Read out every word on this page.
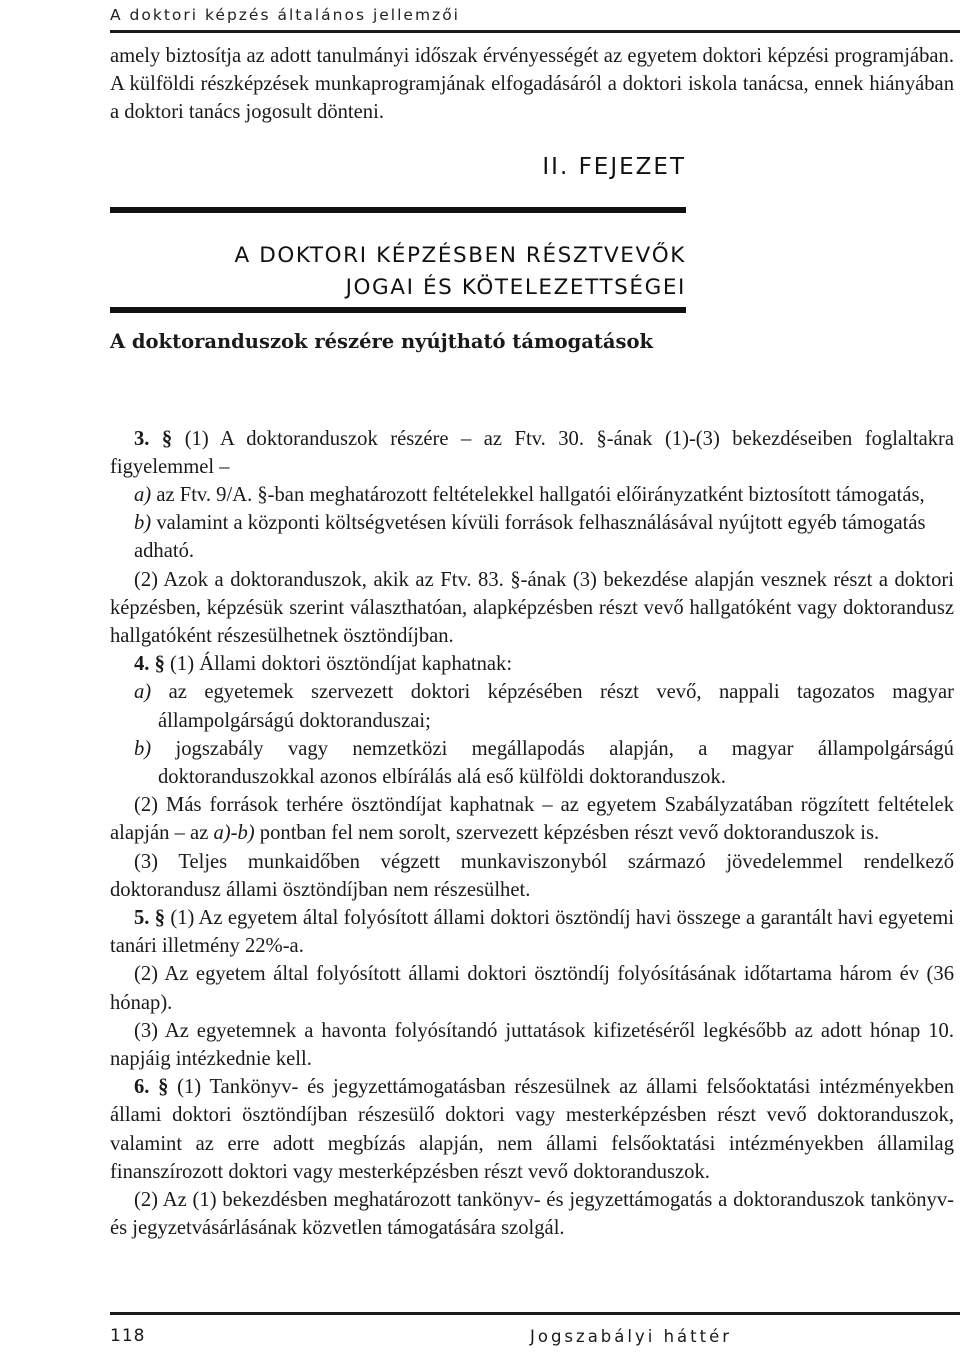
A doktori képzés általános jellemzői
II. FEJEZET
A DOKTORI KÉPZÉSBEN RÉSZTVEVŐK
JOGAI ÉS KÖTELEZETTSÉGEI
A doktoranduszok részére nyújtható támogatások

amely biztosítja az adott tanulmányi időszak érvényességét az egyetem doktori képzési programjában. A külföldi részképzések munkaprogramjának elfogadásáról a doktori iskola tanácsa, ennek hiányában a doktori tanács jogosult dönteni.

3. § (1) A doktoranduszok részére – az Ftv. 30. §-ának (1)-(3) bekezdéseiben foglaltakra figyelemmel –

a) az Ftv. 9/A. §-ban meghatározott feltételekkel hallgatói előirányzatként biztosított támogatás,

b) valamint a központi költségvetésen kívüli források felhasználásával nyújtott egyéb támogatás

adható.

(2) Azok a doktoranduszok, akik az Ftv. 83. §-ának (3) bekezdése alapján vesznek részt a doktori képzésben, képzésük szerint választhatóan, alapképzésben részt vevő hallgatóként vagy doktorandusz hallgatóként részesülhetnek ösztöndíjban.

4. § (1) Állami doktori ösztöndíjat kaphatnak:

a) az egyetemek szervezett doktori képzésében részt vevő, nappali tagozatos magyar állampolgárságú doktoranduszai;

b) jogszabály vagy nemzetközi megállapodás alapján, a magyar állampolgárságú doktoranduszokkal azonos elbírálás alá eső külföldi doktoranduszok.

(2) Más források terhére ösztöndíjat kaphatnak – az egyetem Szabályzatában rögzített feltételek alapján – az a)-b) pontban fel nem sorolt, szervezett képzésben részt vevő doktoranduszok is.

(3) Teljes munkaidőben végzett munkaviszonyból származó jövedelemmel rendelkező doktorandusz állami ösztöndíjban nem részesülhet.

5. § (1) Az egyetem által folyósított állami doktori ösztöndíj havi összege a garantált havi egyetemi tanári illetmény 22%-a.

(2) Az egyetem által folyósított állami doktori ösztöndíj folyósításának időtartama három év (36 hónap).

(3) Az egyetemnek a havonta folyósítandó juttatások kifizetéséről legkésőbb az adott hónap 10. napjáig intézkednie kell.

6. § (1) Tankönyv- és jegyzettámogatásban részesülnek az állami felsőoktatási intézményekben állami doktori ösztöndíjban részesülő doktori vagy mesterképzésben részt vevő doktoranduszok, valamint az erre adott megbízás alapján, nem állami felsőoktatási intézményekben államilag finanszírozott doktori vagy mesterképzésben részt vevő doktoranduszok.

(2) Az (1) bekezdésben meghatározott tankönyv- és jegyzettámogatás a doktoranduszok tankönyv- és jegyzetvásárlásának közvetlen támogatására szolgál.

118	Jogszabályi háttér
